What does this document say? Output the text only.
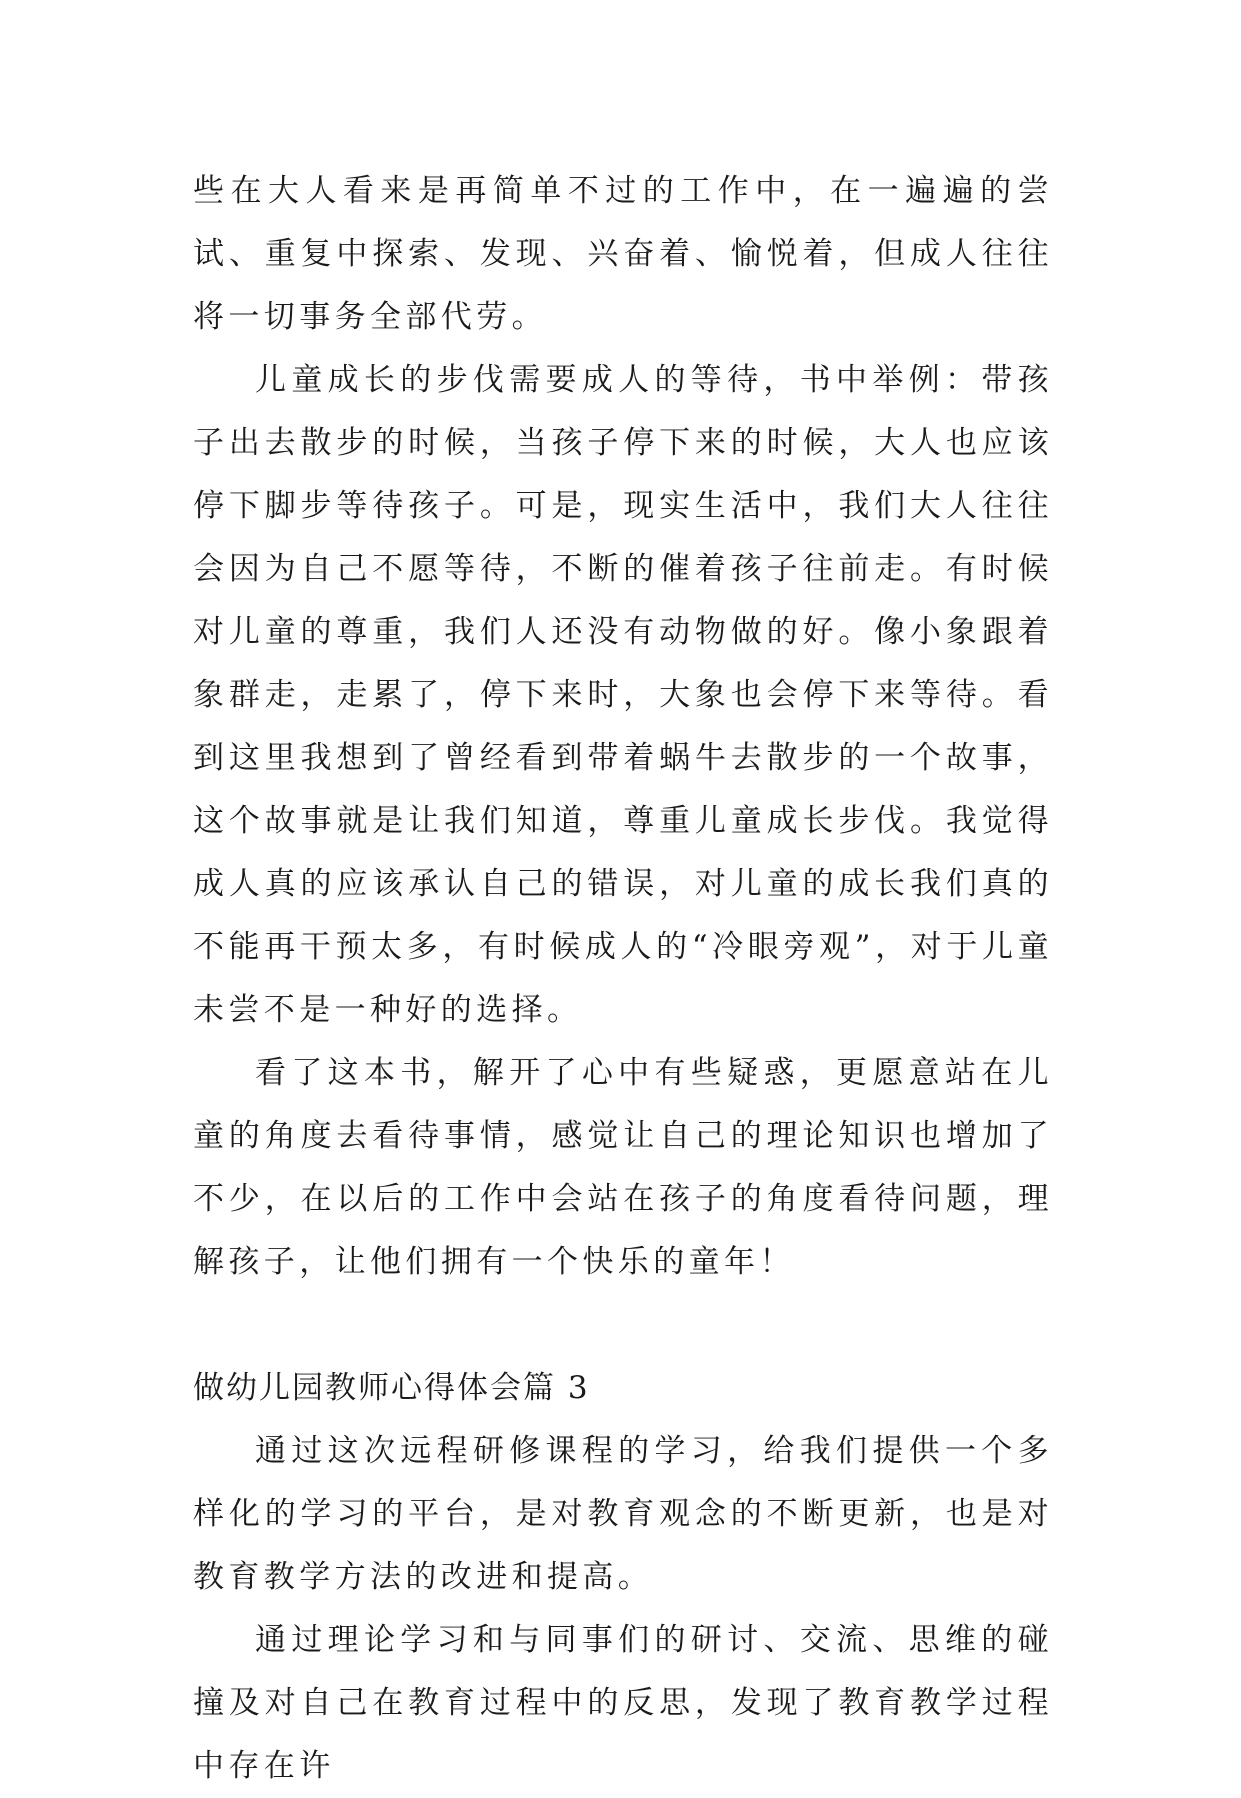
些在大人看来是再简单不过的工作中，在一遍遍的尝试、重复中探索、发现、兴奋着、愉悦着，但成人往往将一切事务全部代劳。

儿童成长的步伐需要成人的等待，书中举例：带孩子出去散步的时候，当孩子停下来的时候，大人也应该停下脚步等待孩子。可是，现实生活中，我们大人往往会因为自己不愿等待，不断的催着孩子往前走。有时候对儿童的尊重，我们人还没有动物做的好。像小象跟着象群走，走累了，停下来时，大象也会停下来等待。看到这里我想到了曾经看到带着蜗牛去散步的一个故事，这个故事就是让我们知道，尊重儿童成长步伐。我觉得成人真的应该承认自己的错误，对儿童的成长我们真的不能再干预太多，有时候成人的“冷眼旁观”，对于儿童未尝不是一种好的选择。

看了这本书，解开了心中有些疑惑，更愿意站在儿童的角度去看待事情，感觉让自己的理论知识也增加了不少，在以后的工作中会站在孩子的角度看待问题，理解孩子，让他们拥有一个快乐的童年！

做幼儿园教师心得体会篇 3

通过这次远程研修课程的学习，给我们提供一个多样化的学习的平台，是对教育观念的不断更新，也是对教育教学方法的改进和提高。

通过理论学习和与同事们的研讨、交流、思维的碰撞及对自己在教育过程中的反思，发现了教育教学过程中存在许
